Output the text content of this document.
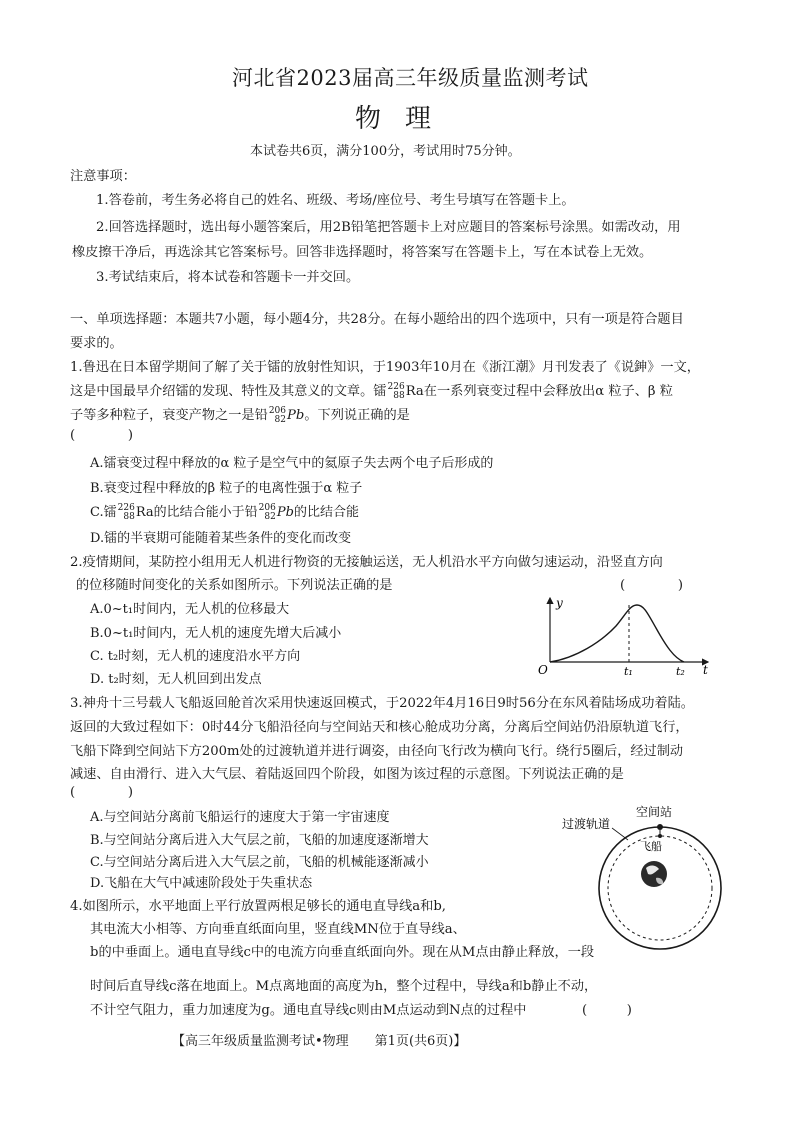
河北省2023届高三年级质量监测考试
物理
本试卷共6页，满分100分，考试用时75分钟。
注意事项：
1.答卷前，考生务必将自己的姓名、班级、考场/座位号、考生号填写在答题卡上。
2.回答选择题时，选出每小题答案后，用2B铅笔把答题卡上对应题目的答案标号涂黑。如需改动，用
橡皮擦干净后，再选涂其它答案标号。回答非选择题时，将答案写在答题卡上，写在本试卷上无效。
3.考试结束后，将本试卷和答题卡一并交回。
一、单项选择题：本题共7小题，每小题4分，共28分。在每小题给出的四个选项中，只有一项是符合题目
要求的。
1.鲁迅在日本留学期间了解了关于镭的放射性知识，于1903年10月在《浙江潮》月刊发表了《说鉮》一文，
这是中国最早介绍镭的发现、特性及其意义的文章。镭 226
88 Ra在一系列衰变过程中会释放出α 粒子、β 粒
子等多种粒子，衰变产物之一是铅 206
82 Pb。下列说正确的是
(　　　　)
A.镭衰变过程中释放的α 粒子是空气中的氦原子失去两个电子后形成的
B.衰变过程中释放的β 粒子的电离性强于α 粒子
C.镭 226
88 Ra的比结合能小于铅 206
82 Pb的比结合能
D.镭的半衰期可能随着某些条件的变化而改变
2.疫情期间，某防控小组用无人机进行物资的无接触运送，无人机沿水平方向做匀速运动，沿竖直方向
的位移随时间变化的关系如图所示。下列说法正确的是	(　　　　)
A.0~t₁时间内，无人机的位移最大
B.0~t₁时间内，无人机的速度先增大后减小
C. t₂时刻，无人机的速度沿水平方向
D. t₂时刻，无人机回到出发点
y
t
O	t₁	t₂
3.神舟十三号载人飞船返回舱首次采用快速返回模式，于2022年4月16日9时56分在东风着陆场成功着陆。
返回的大致过程如下：0时44分飞船沿径向与空间站天和核心舱成功分离，分离后空间站仍沿原轨道飞行，
飞船下降到空间站下方200m处的过渡轨道并进行调姿，由径向飞行改为横向飞行。绕行5圈后，经过制动
减速、自由滑行、进入大气层、着陆返回四个阶段，如图为该过程的示意图。下列说法正确的是
(　　　　)
A.与空间站分离前飞船运行的速度大于第一宇宙速度
B.与空间站分离后进入大气层之前，飞船的加速度逐渐增大
C.与空间站分离后进入大气层之前，飞船的机械能逐渐减小
D.飞船在大气中减速阶段处于失重状态
过渡轨道
空间站
飞船
4.如图所示，水平地面上平行放置两根足够长的通电直导线a和b,
其电流大小相等、方向垂直纸面向里，竖直线MN位于直导线a、
b的中垂面上。通电直导线c中的电流方向垂直纸面向外。现在从M点由静止释放，一段
时间后直导线c落在地面上。M点离地面的高度为h，整个过程中，导线a和b静止不动，
不计空气阻力，重力加速度为g。通电直导线c则由M点运动到N点的过程中	(　　　)
【高三年级质量监测考试•物理　　第1页(共6页)】
